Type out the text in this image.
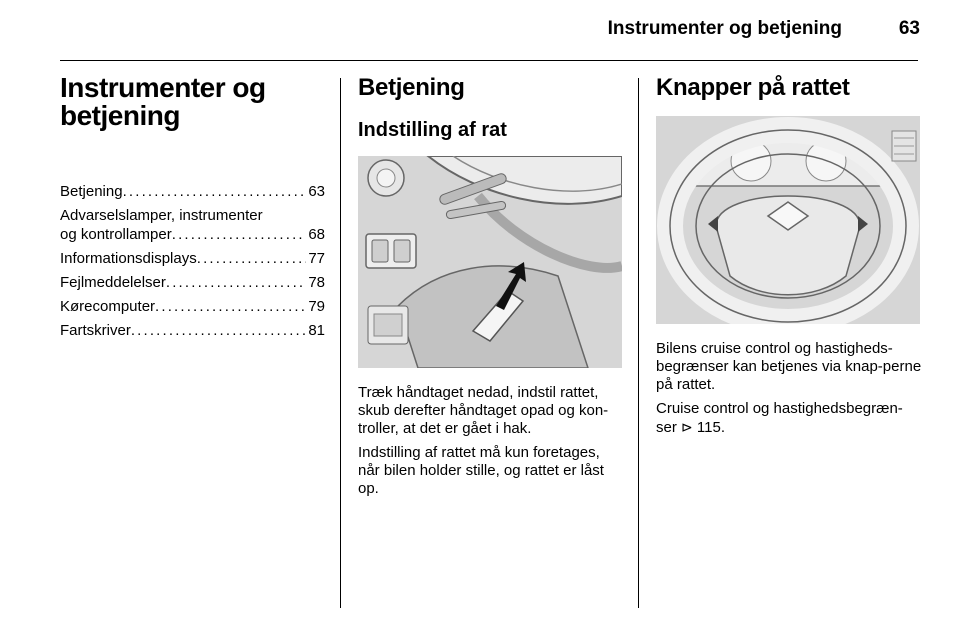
Instrumenter og betjening	63
Instrumenter og
betjening
Betjening . . .	63
Advarselslamper, instrumenter
og kontrollamper . . .	68
Informationsdisplays . . .	77
Fejlmeddelelser . . .	78
Kørecomputer . . .	79
Fartskriver . . .	81
Betjening
Indstilling af rat

Træk håndtaget nedad, indstil rattet, skub derefter håndtaget opad og kon-troller, at det er gået i hak.

Indstilling af rattet må kun foretages, når bilen holder stille, og rattet er låst op.

Knapper på rattet

Bilens cruise control og hastigheds-begrænser kan betjenes via knap-perne på rattet.

Cruise control og hastighedsbegræn-ser ⊳ 115.
